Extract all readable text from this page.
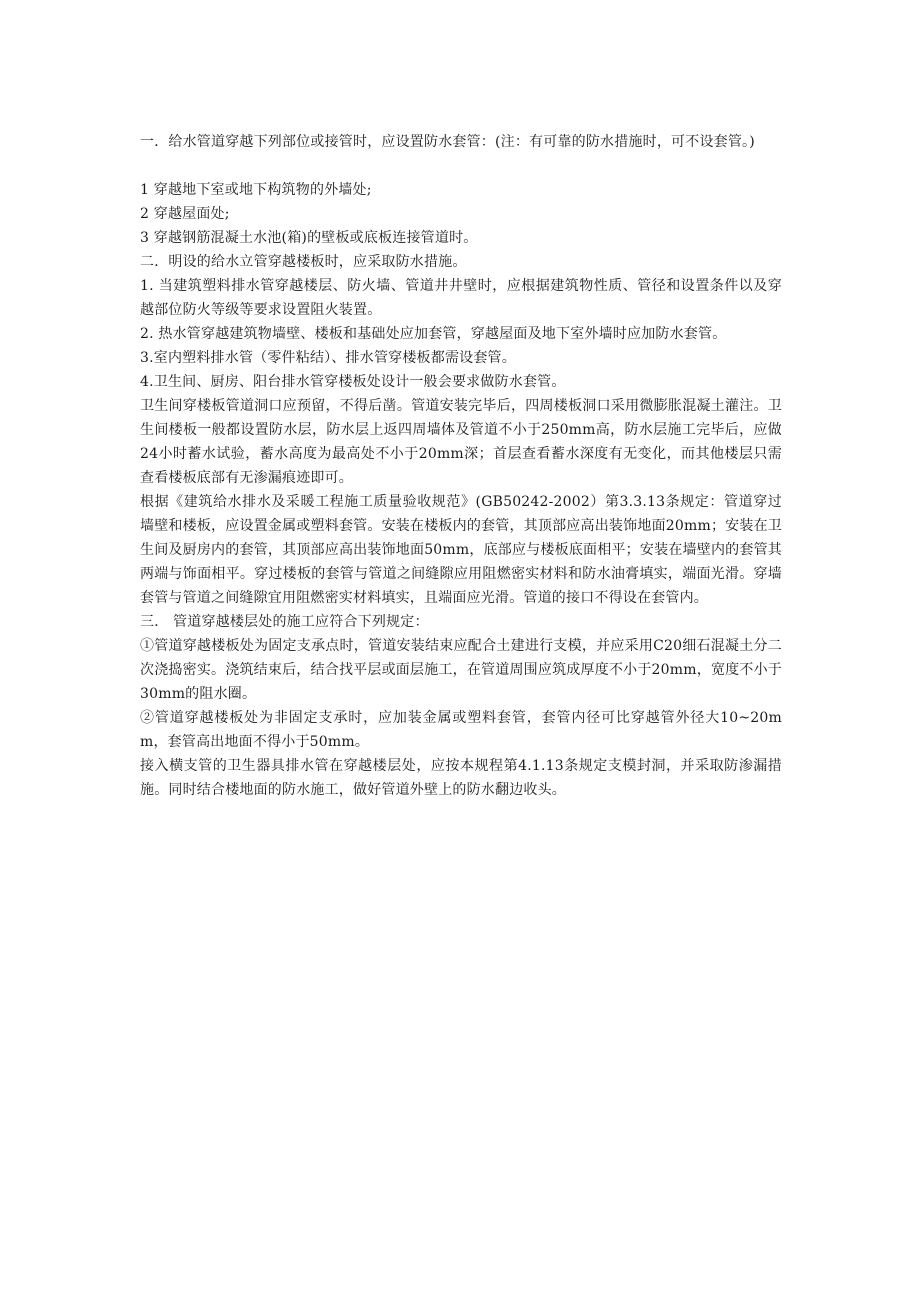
一．给水管道穿越下列部位或接管时，应设置防水套管：(注：有可靠的防水措施时，可不设套管。)

1 穿越地下室或地下构筑物的外墙处;

2 穿越屋面处;

3 穿越钢筋混凝土水池(箱)的壁板或底板连接管道时。

二．明设的给水立管穿越楼板时，应采取防水措施。

1. 当建筑塑料排水管穿越楼层、防火墙、管道井井壁时，应根据建筑物性质、管径和设置条件以及穿越部位防火等级等要求设置阻火装置。

2. 热水管穿越建筑物墙壁、楼板和基础处应加套管，穿越屋面及地下室外墙时应加防水套管。

3.室内塑料排水管（零件粘结）、排水管穿楼板都需设套管。

4.卫生间、厨房、阳台排水管穿楼板处设计一般会要求做防水套管。

卫生间穿楼板管道洞口应预留，不得后凿。管道安装完毕后，四周楼板洞口采用微膨胀混凝土灌注。卫生间楼板一般都设置防水层，防水层上返四周墙体及管道不小于250mm高，防水层施工完毕后，应做24小时蓄水试验，蓄水高度为最高处不小于20mm深；首层查看蓄水深度有无变化，而其他楼层只需查看楼板底部有无渗漏痕迹即可。

根据《建筑给水排水及采暖工程施工质量验收规范》(GB50242-2002）第3.3.13条规定：管道穿过墙壁和楼板，应设置金属或塑料套管。安装在楼板内的套管，其顶部应高出装饰地面20mm；安装在卫生间及厨房内的套管，其顶部应高出装饰地面50mm，底部应与楼板底面相平；安装在墙壁内的套管其两端与饰面相平。穿过楼板的套管与管道之间缝隙应用阻燃密实材料和防水油膏填实，端面光滑。穿墙套管与管道之间缝隙宜用阻燃密实材料填实，且端面应光滑。管道的接口不得设在套管内。

三． 管道穿越楼层处的施工应符合下列规定：

①管道穿越楼板处为固定支承点时，管道安装结束应配合土建进行支模，并应采用C20细石混凝土分二次浇捣密实。浇筑结束后，结合找平层或面层施工，在管道周围应筑成厚度不小于20mm，宽度不小于30mm的阻水圈。

②管道穿越楼板处为非固定支承时，应加装金属或塑料套管，套管内径可比穿越管外径大10~20mm，套管高出地面不得小于50mm。

接入横支管的卫生器具排水管在穿越楼层处，应按本规程第4.1.13条规定支模封洞，并采取防渗漏措施。同时结合楼地面的防水施工，做好管道外壁上的防水翻边收头。
